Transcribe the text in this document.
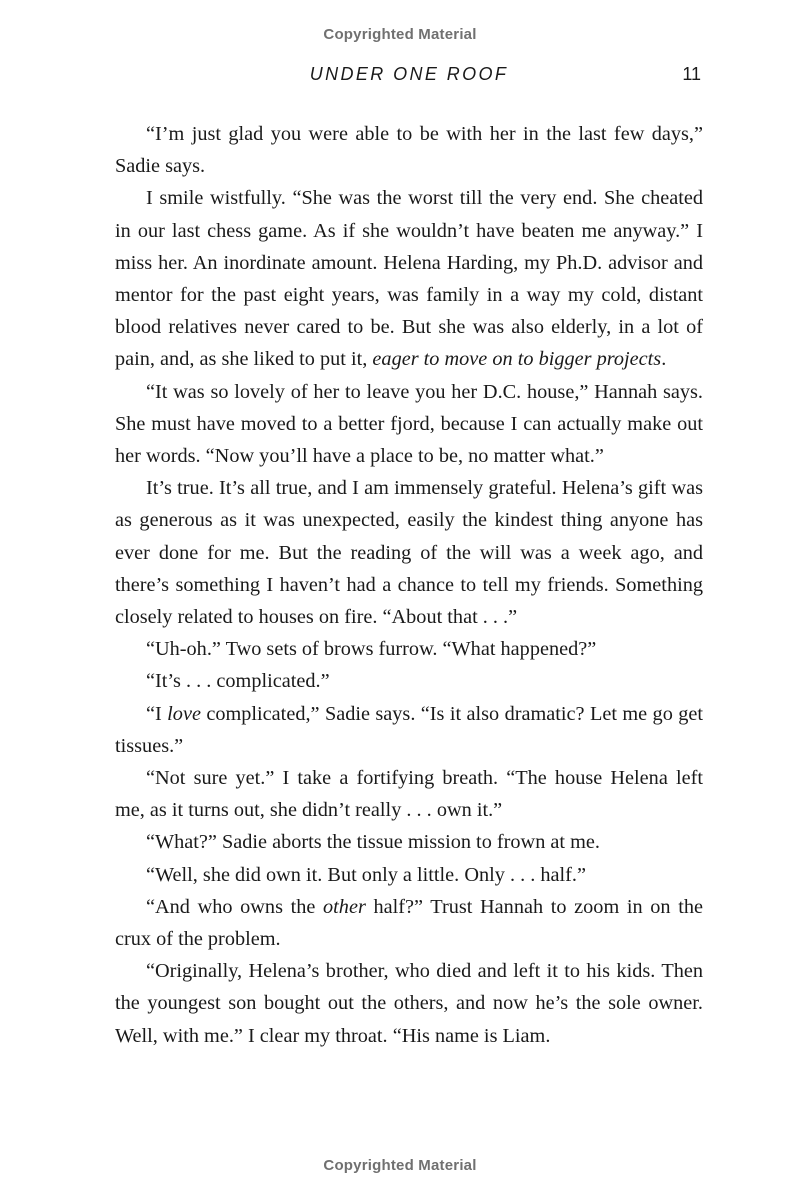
Copyrighted Material
UNDER ONE ROOF	11

“I’m just glad you were able to be with her in the last few days,” Sadie says.

I smile wistfully. “She was the worst till the very end. She cheated in our last chess game. As if she wouldn’t have beaten me anyway.” I miss her. An inordinate amount. Helena Harding, my Ph.D. advisor and mentor for the past eight years, was family in a way my cold, distant blood relatives never cared to be. But she was also elderly, in a lot of pain, and, as she liked to put it, eager to move on to bigger projects.

“It was so lovely of her to leave you her D.C. house,” Hannah says. She must have moved to a better fjord, because I can actually make out her words. “Now you’ll have a place to be, no matter what.”

It’s true. It’s all true, and I am immensely grateful. Helena’s gift was as generous as it was unexpected, easily the kindest thing anyone has ever done for me. But the reading of the will was a week ago, and there’s something I haven’t had a chance to tell my friends. Something closely related to houses on fire. “About that . . .”

“Uh-oh.” Two sets of brows furrow. “What happened?”

“It’s . . . complicated.”

“I love complicated,” Sadie says. “Is it also dramatic? Let me go get tissues.”

“Not sure yet.” I take a fortifying breath. “The house Helena left me, as it turns out, she didn’t really . . . own it.”

“What?” Sadie aborts the tissue mission to frown at me.

“Well, she did own it. But only a little. Only . . . half.”

“And who owns the other half?” Trust Hannah to zoom in on the crux of the problem.

“Originally, Helena’s brother, who died and left it to his kids. Then the youngest son bought out the others, and now he’s the sole owner. Well, with me.” I clear my throat. “His name is Liam.

Copyrighted Material
